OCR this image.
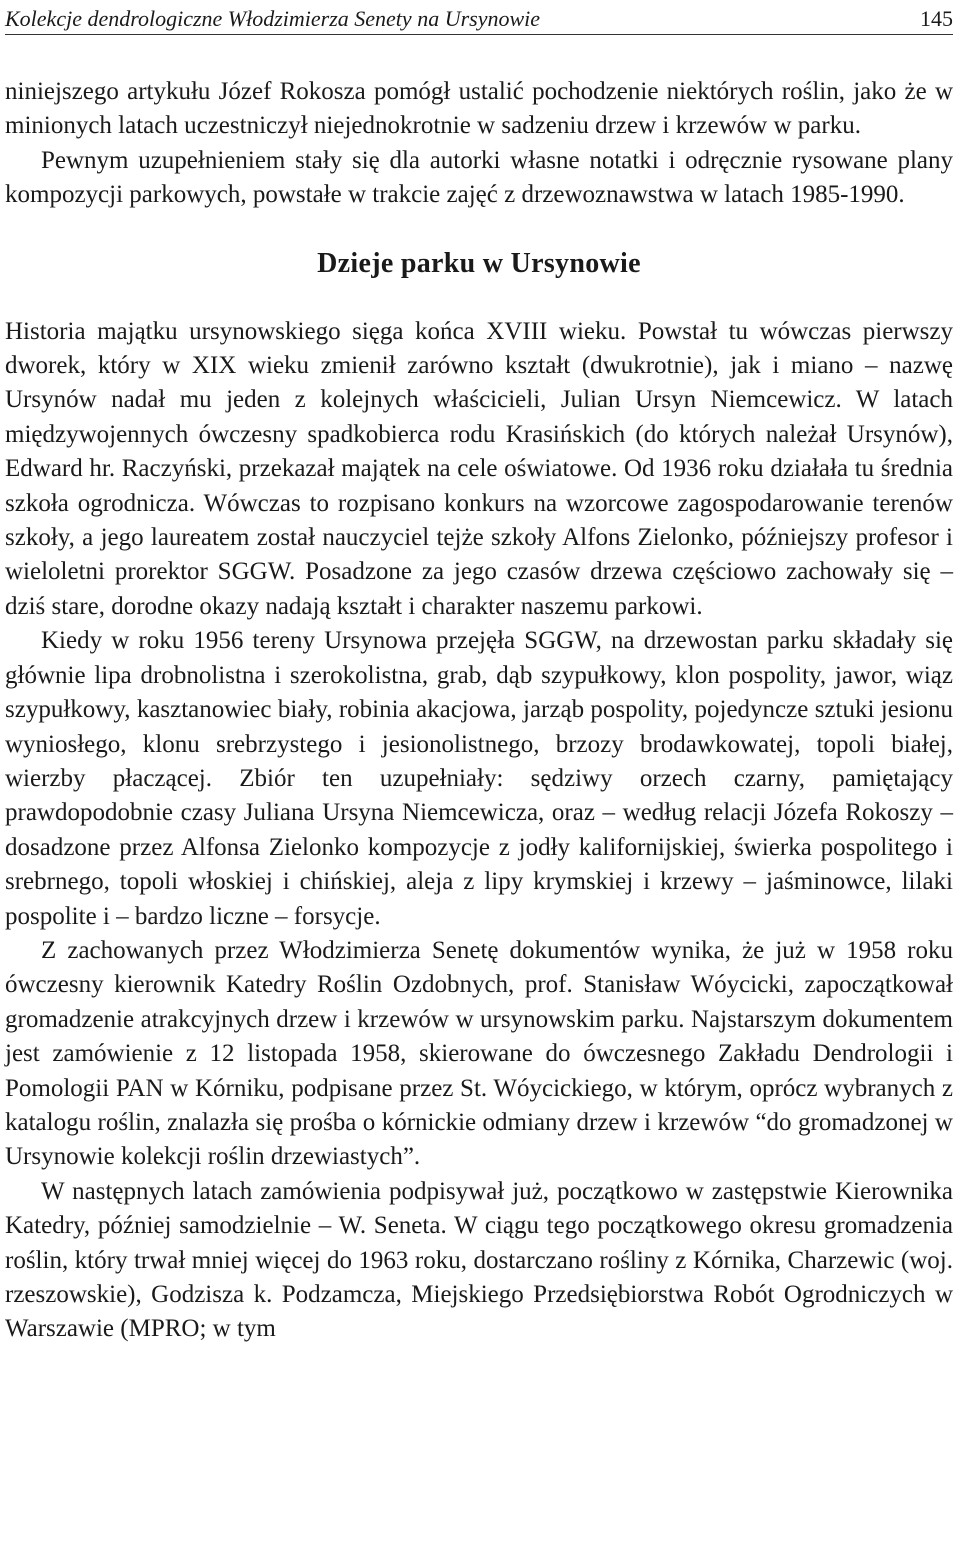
Kolekcje dendrologiczne Włodzimierza Senety na Ursynowie	145

niniejszego artykułu Józef Rokosza pomógł ustalić pochodzenie niektórych roślin, jako że w minionych latach uczestniczył niejednokrotnie w sadzeniu drzew i krzewów w parku.

Pewnym uzupełnieniem stały się dla autorki własne notatki i odręcznie rysowane plany kompozycji parkowych, powstałe w trakcie zajęć z drzewoznawstwa w latach 1985-1990.

Dzieje parku w Ursynowie

Historia majątku ursynowskiego sięga końca XVIII wieku. Powstał tu wówczas pierwszy dworek, który w XIX wieku zmienił zarówno kształt (dwukrotnie), jak i miano – nazwę Ursynów nadał mu jeden z kolejnych właścicieli, Julian Ursyn Niemcewicz. W latach międzywojennych ówczesny spadkobierca rodu Krasińskich (do których należał Ursynów), Edward hr. Raczyński, przekazał majątek na cele oświatowe. Od 1936 roku działała tu średnia szkoła ogrodnicza. Wówczas to rozpisano konkurs na wzorcowe zagospodarowanie terenów szkoły, a jego laureatem został nauczyciel tejże szkoły Alfons Zielonko, późniejszy profesor i wieloletni prorektor SGGW. Posadzone za jego czasów drzewa częściowo zachowały się – dziś stare, dorodne okazy nadają kształt i charakter naszemu parkowi.

Kiedy w roku 1956 tereny Ursynowa przejęła SGGW, na drzewostan parku składały się głównie lipa drobnolistna i szerokolistna, grab, dąb szypułkowy, klon pospolity, jawor, wiąz szypułkowy, kasztanowiec biały, robinia akacjowa, jarząb pospolity, pojedyncze sztuki jesionu wyniosłego, klonu srebrzystego i jesionolistnego, brzozy brodawkowatej, topoli białej, wierzby płaczącej. Zbiór ten uzupełniały: sędziwy orzech czarny, pamiętający prawdopodobnie czasy Juliana Ursyna Niemcewicza, oraz – według relacji Józefa Rokoszy – dosadzone przez Alfonsa Zielonko kompozycje z jodły kalifornijskiej, świerka pospolitego i srebrnego, topoli włoskiej i chińskiej, aleja z lipy krymskiej i krzewy – jaśminowce, lilaki pospolite i – bardzo liczne – forsycje.

Z zachowanych przez Włodzimierza Senetę dokumentów wynika, że już w 1958 roku ówczesny kierownik Katedry Roślin Ozdobnych, prof. Stanisław Wóycicki, zapoczątkował gromadzenie atrakcyjnych drzew i krzewów w ursynowskim parku. Najstarszym dokumentem jest zamówienie z 12 listopada 1958, skierowane do ówczesnego Zakładu Dendrologii i Pomologii PAN w Kórniku, podpisane przez St. Wóycickiego, w którym, oprócz wybranych z katalogu roślin, znalazła się prośba o kórnickie odmiany drzew i krzewów “do gromadzonej w Ursynowie kolekcji roślin drzewiastych”.

W następnych latach zamówienia podpisywał już, początkowo w zastępstwie Kierownika Katedry, później samodzielnie – W. Seneta. W ciągu tego początkowego okresu gromadzenia roślin, który trwał mniej więcej do 1963 roku, dostarczano rośliny z Kórnika, Charzewic (woj. rzeszowskie), Godzisza k. Podzamcza, Miejskiego Przedsiębiorstwa Robót Ogrodniczych w Warszawie (MPRO; w tym
